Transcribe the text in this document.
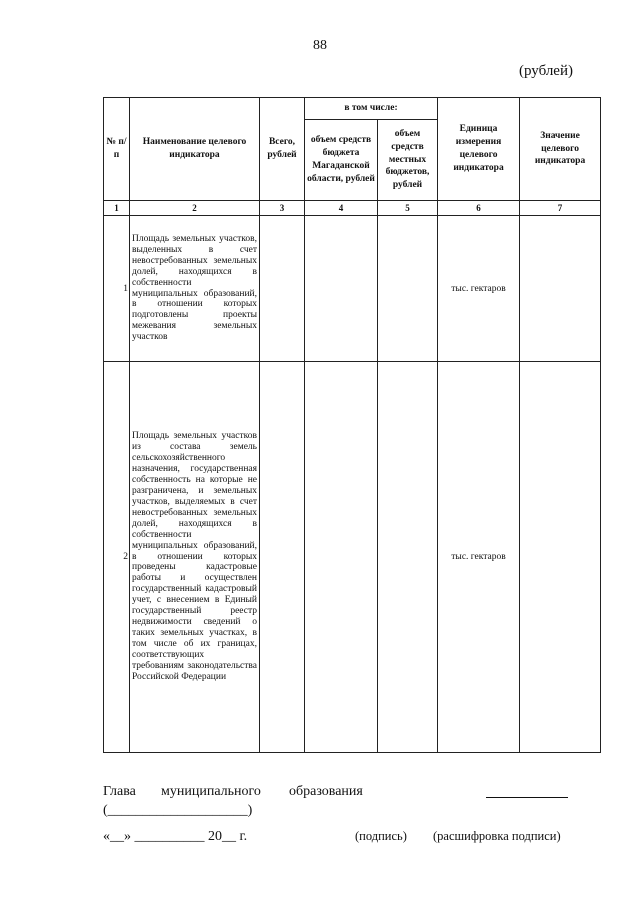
88
(рублей)
№ п/п	Наименование целевого индикатора	Всего, рублей	в том числе:		Единица измерения целевого индикатора	Значение целевого индикатора
			объем средств бюджета Магаданской области, рублей	объем средств местных бюджетов, рублей		
1	2	3	4	5	6	7
1	Площадь земельных участков, выделенных в счет невостребованных земельных долей, находящихся в собственности муниципальных образований, в отношении которых подготовлены проекты межевания земельных участков				тыс. гектаров	
2	Площадь земельных участков из состава земель сельскохозяйственного назначения, государственная собственность на которые не разграничена, и земельных участков, выделяемых в счет невостребованных земельных долей, находящихся в собственности муниципальных образований, в отношении которых проведены кадастровые работы и осуществлен государственный кадастровый учет, с внесением в Единый государственный реестр недвижимости сведений о таких земельных участках, в том числе об их границах, соответствующих требованиям законодательства Российской Федерации				тыс. гектаров	
Глава муниципального образования
(____________________)
«__» __________ 20__ г.	(подпись) (расшифровка подписи)
